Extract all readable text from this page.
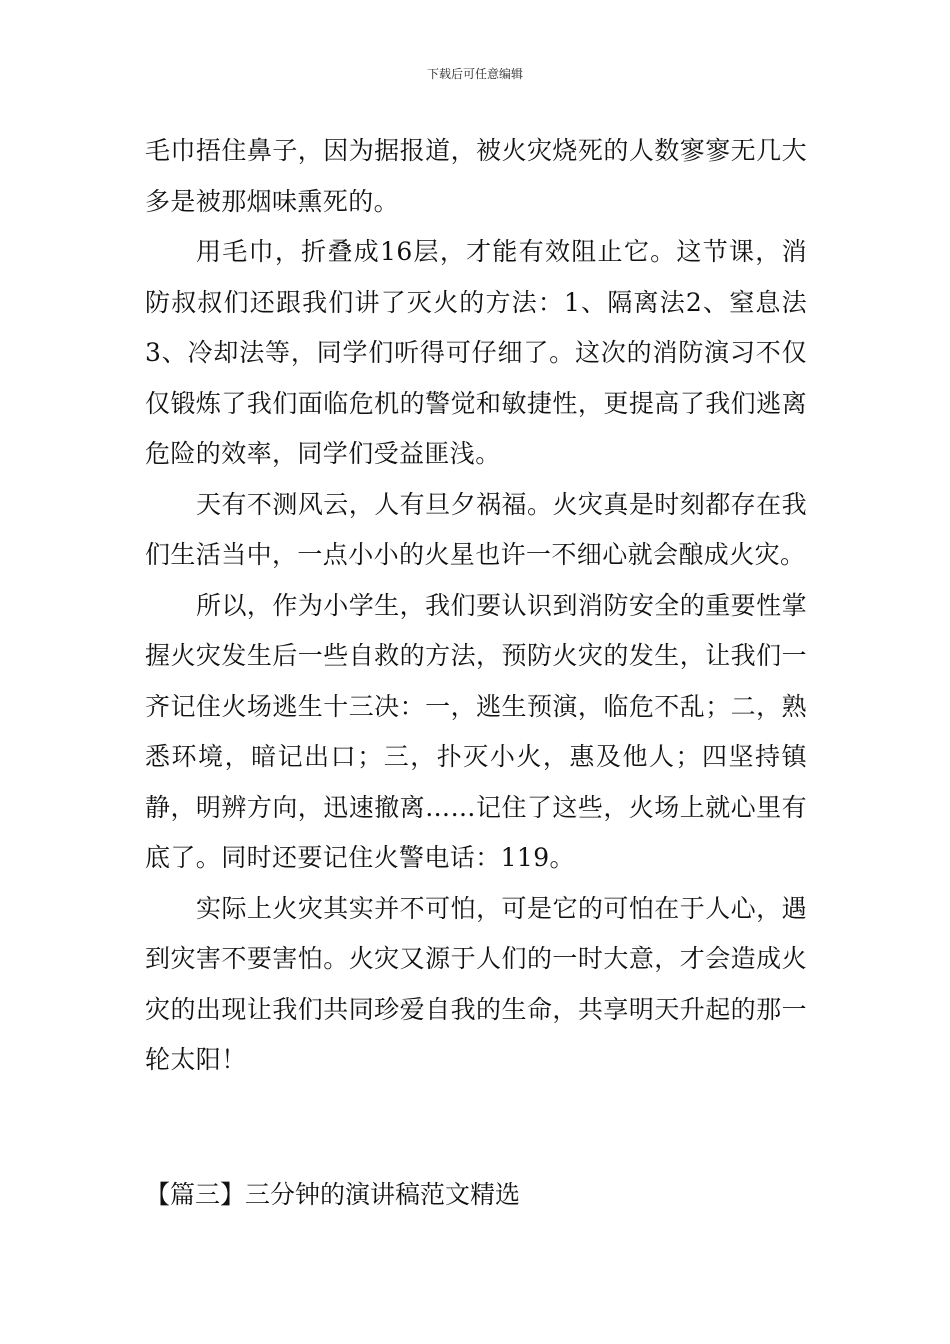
下载后可任意编辑

毛巾捂住鼻子，因为据报道，被火灾烧死的人数寥寥无几大多是被那烟味熏死的。

用毛巾，折叠成16层，才能有效阻止它。这节课，消防叔叔们还跟我们讲了灭火的方法：1、隔离法2、窒息法3、冷却法等，同学们听得可仔细了。这次的消防演习不仅仅锻炼了我们面临危机的警觉和敏捷性，更提高了我们逃离危险的效率，同学们受益匪浅。

天有不测风云，人有旦夕祸福。火灾真是时刻都存在我们生活当中，一点小小的火星也许一不细心就会酿成火灾。

所以，作为小学生，我们要认识到消防安全的重要性掌握火灾发生后一些自救的方法，预防火灾的发生，让我们一齐记住火场逃生十三决：一，逃生预演，临危不乱；二，熟悉环境，暗记出口；三，扑灭小火，惠及他人；四坚持镇静，明辨方向，迅速撤离……记住了这些，火场上就心里有底了。同时还要记住火警电话：119。

实际上火灾其实并不可怕，可是它的可怕在于人心，遇到灾害不要害怕。火灾又源于人们的一时大意，才会造成火灾的出现让我们共同珍爱自我的生命，共享明天升起的那一轮太阳！

【篇三】三分钟的演讲稿范文精选
